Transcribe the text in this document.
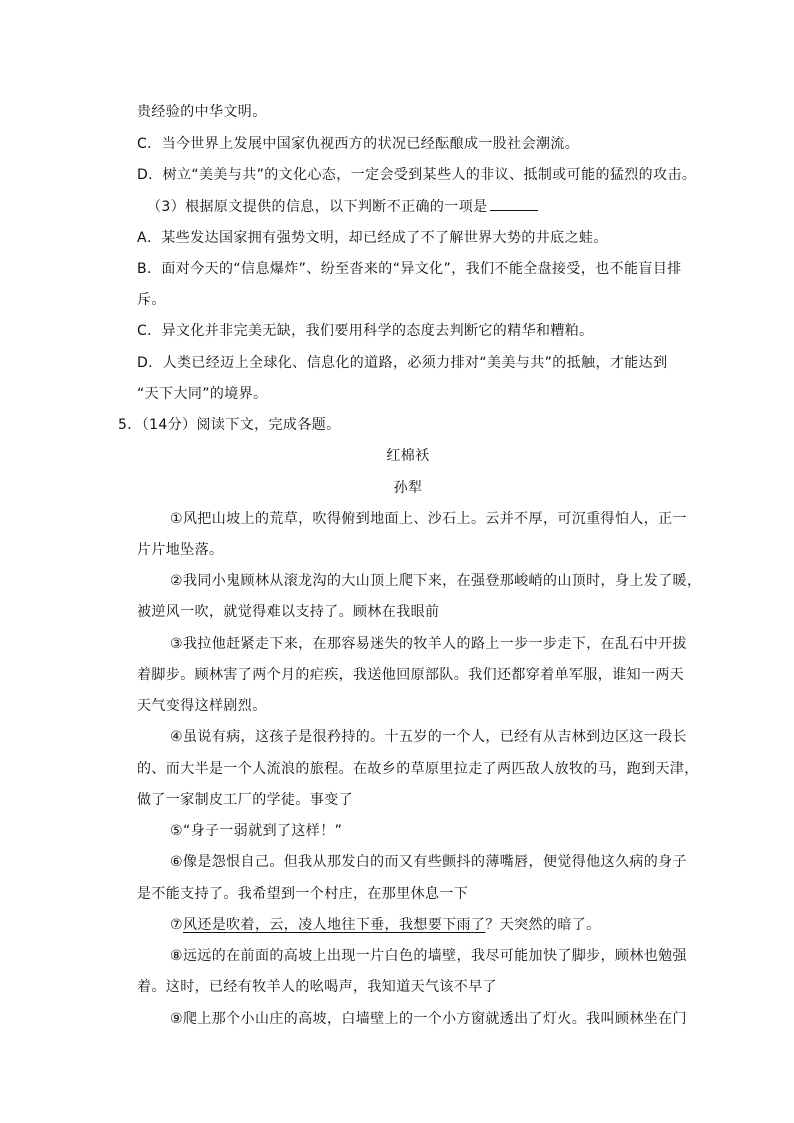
贵经验的中华文明。
C．当今世界上发展中国家仇视西方的状况已经酝酿成一股社会潮流。
D．树立“美美与共”的文化心态，一定会受到某些人的非议、抵制或可能的猛烈的攻击。
（3）根据原文提供的信息，以下判断不正确的一项是
A．某些发达国家拥有强势文明，却已经成了不了解世界大势的井底之蛙。
B．面对今天的“信息爆炸”、纷至沓来的“异文化”，我们不能全盘接受，也不能盲目排
斥。
C．异文化并非完美无缺，我们要用科学的态度去判断它的精华和糟粕。
D．人类已经迈上全球化、信息化的道路，必须力排对“美美与共”的抵触，才能达到
“天下大同”的境界。
5．（14分）阅读下文，完成各题。
红棉袄
孙犁
①风把山坡上的荒草，吹得俯到地面上、沙石上。云并不厚，可沉重得怕人，正一
片片地坠落。
②我同小鬼顾林从滚龙沟的大山顶上爬下来，在强登那峻峭的山顶时，身上发了暖，
被逆风一吹，就觉得难以支持了。顾林在我眼前
③我拉他赶紧走下来，在那容易迷失的牧羊人的路上一步一步走下，在乱石中开拔
着脚步。顾林害了两个月的疟疾，我送他回原部队。我们还都穿着单军服，谁知一两天
天气变得这样剧烈。
④虽说有病，这孩子是很矜持的。十五岁的一个人，已经有从吉林到边区这一段长
的、而大半是一个人流浪的旅程。在故乡的草原里拉走了两匹敌人放牧的马，跑到天津，
做了一家制皮工厂的学徒。事变了
⑤“身子一弱就到了这样！”
⑥像是怨恨自己。但我从那发白的而又有些颤抖的薄嘴唇，便觉得他这久病的身子
是不能支持了。我希望到一个村庄，在那里休息一下
⑦风还是吹着，云，凌人地往下垂，我想要下雨了？天突然的暗了。
⑧远远的在前面的高坡上出现一片白色的墙壁，我尽可能加快了脚步，顾林也勉强
着。这时，已经有牧羊人的吆喝声，我知道天气该不早了
⑨爬上那个小山庄的高坡，白墙壁上的一个小方窗就透出了灯火。我叫顾林坐在门
